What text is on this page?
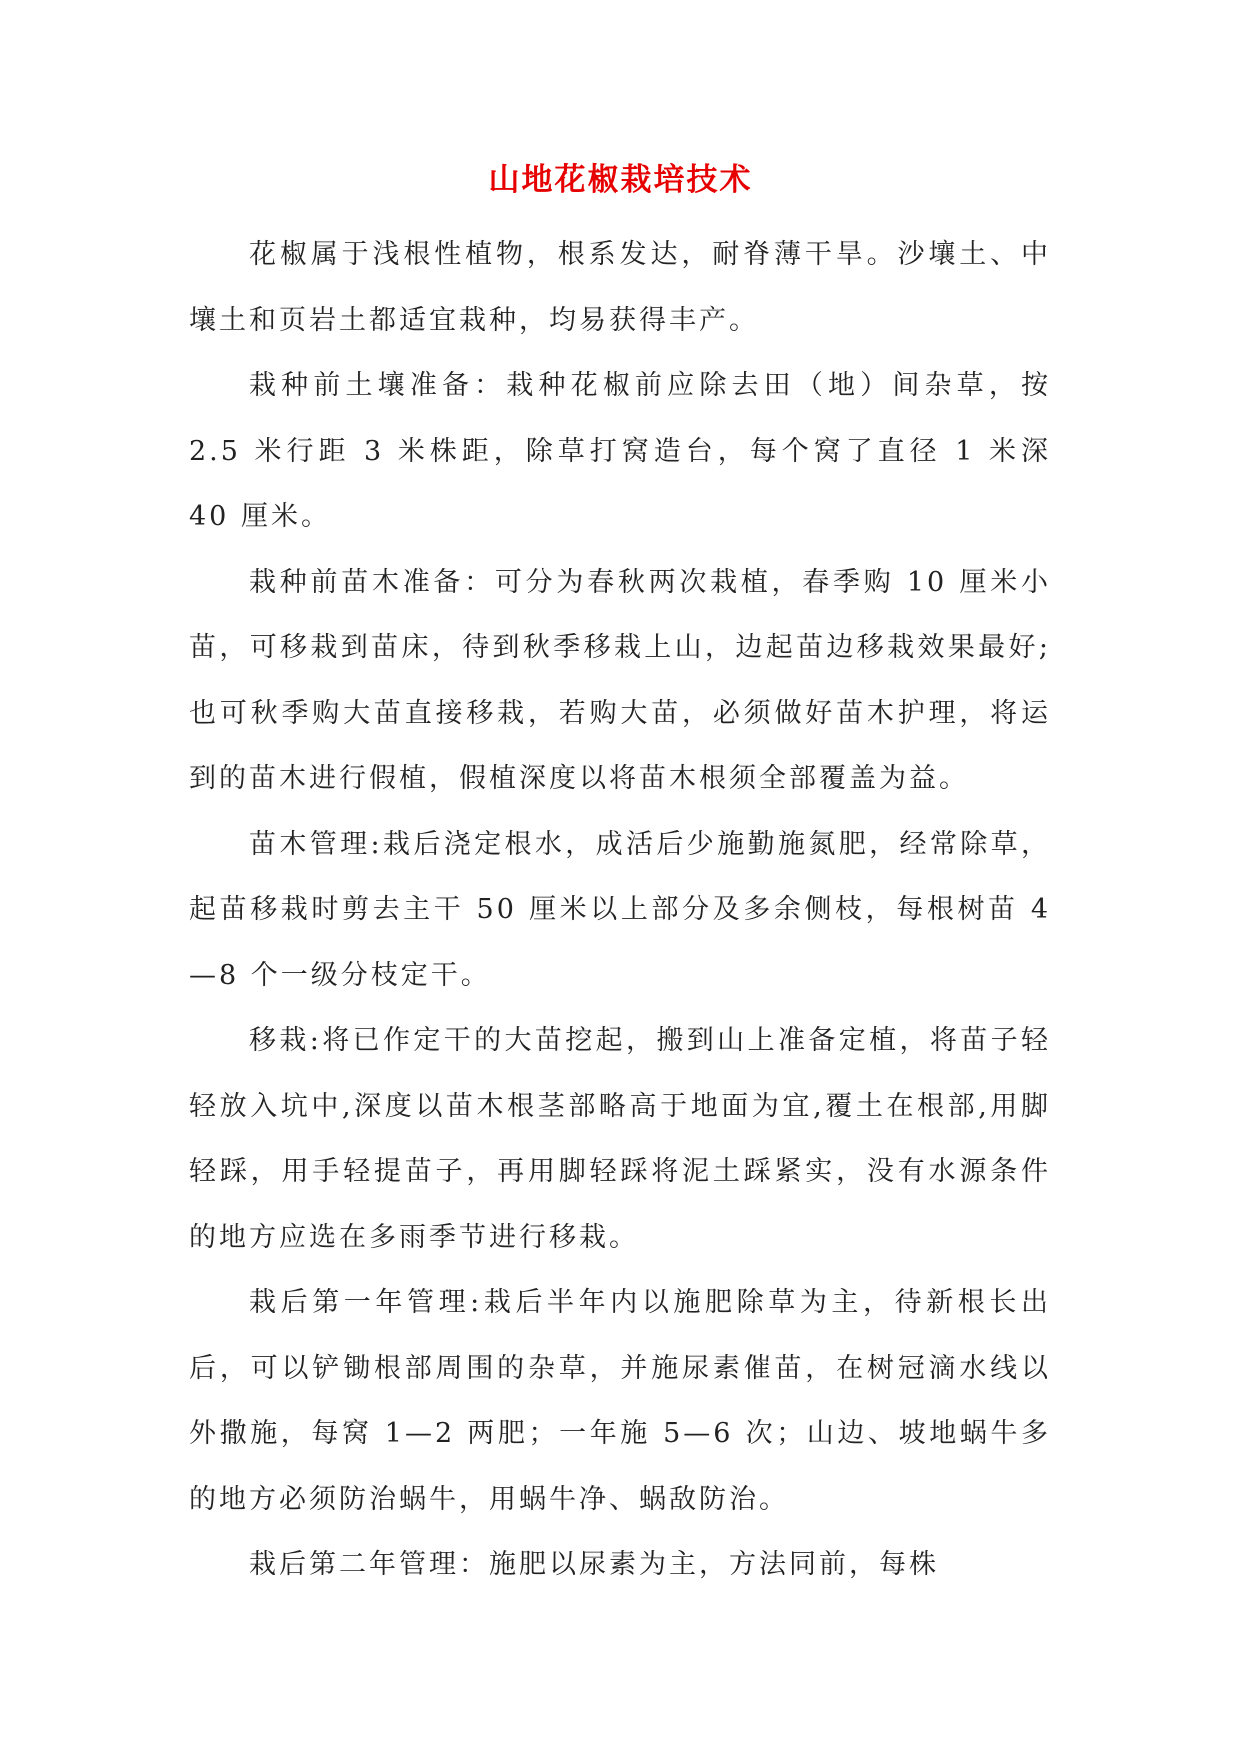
山地花椒栽培技术

花椒属于浅根性植物，根系发达，耐脊薄干旱。沙壤土、中壤土和页岩土都适宜栽种，均易获得丰产。

栽种前土壤准备：栽种花椒前应除去田（地）间杂草，按 2.5 米行距 3 米株距，除草打窝造台，每个窝了直径 1 米深 40 厘米。

栽种前苗木准备：可分为春秋两次栽植，春季购 10 厘米小苗，可移栽到苗床，待到秋季移栽上山，边起苗边移栽效果最好;也可秋季购大苗直接移栽，若购大苗，必须做好苗木护理，将运到的苗木进行假植，假植深度以将苗木根须全部覆盖为益。

苗木管理:栽后浇定根水，成活后少施勤施氮肥，经常除草，起苗移栽时剪去主干 50 厘米以上部分及多余侧枝，每根树苗 4—8 个一级分枝定干。

移栽:将已作定干的大苗挖起，搬到山上准备定植，将苗子轻轻放入坑中,深度以苗木根茎部略高于地面为宜,覆土在根部,用脚轻踩，用手轻提苗子，再用脚轻踩将泥土踩紧实，没有水源条件的地方应选在多雨季节进行移栽。

栽后第一年管理:栽后半年内以施肥除草为主，待新根长出后，可以铲锄根部周围的杂草，并施尿素催苗，在树冠滴水线以外撒施，每窝 1—2 两肥；一年施 5—6 次；山边、坡地蜗牛多的地方必须防治蜗牛，用蜗牛净、蜗敌防治。

栽后第二年管理：施肥以尿素为主，方法同前，每株
